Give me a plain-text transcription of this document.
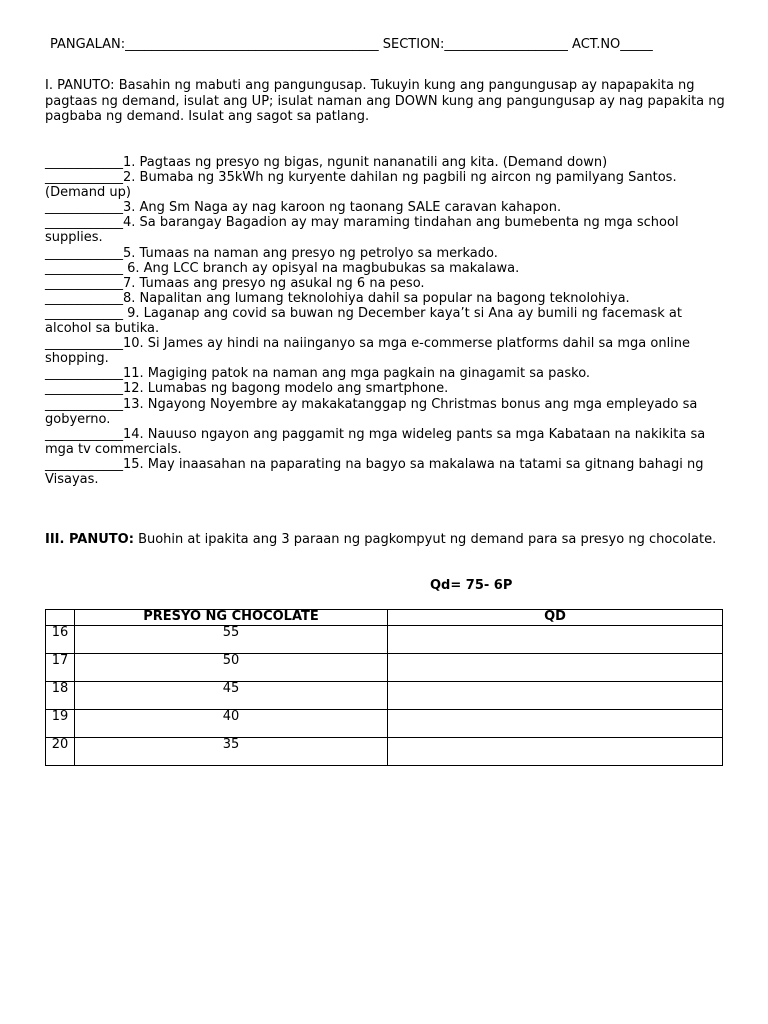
PANGALAN:_______________________________________ SECTION:___________________ ACT.NO_____
I. PANUTO: Basahin ng mabuti ang pangungusap. Tukuyin kung ang pangungusap ay napapakita ng pagtaas ng demand, isulat ang UP; isulat naman ang DOWN kung ang pangungusap ay nag papakita ng pagbaba ng demand. Isulat ang sagot sa patlang.

____________1. Pagtaas ng presyo ng bigas, ngunit nananatili ang kita. (Demand down)

____________2. Bumaba ng 35kWh ng kuryente dahilan ng pagbili ng aircon ng pamilyang Santos. (Demand up)

____________3. Ang Sm Naga ay nag karoon ng taonang SALE caravan kahapon.

____________4. Sa barangay Bagadion ay may maraming tindahan ang bumebenta ng mga school supplies.

____________5. Tumaas na naman ang presyo ng petrolyo sa merkado.

____________ 6. Ang LCC branch ay opisyal na magbubukas sa makalawa.

____________7. Tumaas ang presyo ng asukal ng 6 na peso.

____________8. Napalitan ang lumang teknolohiya dahil sa popular na bagong teknolohiya.

____________ 9. Laganap ang covid sa buwan ng December kaya’t si Ana ay bumili ng facemask at alcohol sa butika.

____________10. Si James ay hindi na naiinganyo sa mga e-commerse platforms dahil sa mga online shopping.

____________11. Magiging patok na naman ang mga pagkain na ginagamit sa pasko.

____________12. Lumabas ng bagong modelo ang smartphone.

____________13. Ngayong Noyembre ay makakatanggap ng Christmas bonus ang mga empleyado sa gobyerno.

____________14. Nauuso ngayon ang paggamit ng mga wideleg pants sa mga Kabataan na nakikita sa mga tv commercials.

____________15. May inaasahan na paparating na bagyo sa makalawa na tatami sa gitnang bahagi ng Visayas.

III. PANUTO: Buohin at ipakita ang 3 paraan ng pagkompyut ng demand para sa presyo ng chocolate.
Qd= 75- 6P
	PRESYO NG CHOCOLATE	QD
16	55	
17	50	
18	45	
19	40	
20	35	
